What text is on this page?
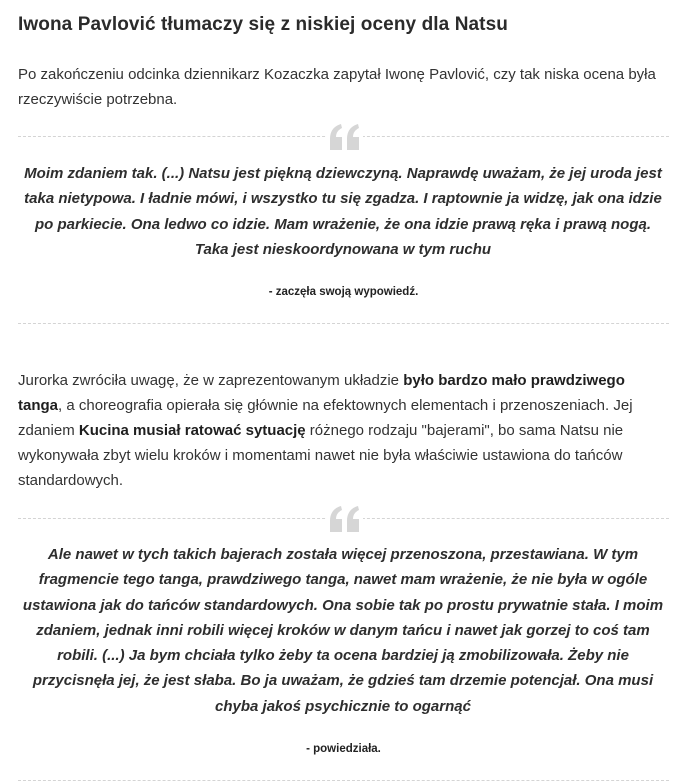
Iwona Pavlović tłumaczy się z niskiej oceny dla Natsu

Po zakończeniu odcinka dziennikarz Kozaczka zapytał Iwonę Pavlović, czy tak niska ocena była rzeczywiście potrzebna.

Moim zdaniem tak. (...) Natsu jest piękną dziewczyną. Naprawdę uważam, że jej uroda jest taka nietypowa. I ładnie mówi, i wszystko tu się zgadza. I raptownie ja widzę, jak ona idzie po parkiecie. Ona ledwo co idzie. Mam wrażenie, że ona idzie prawą ręka i prawą nogą. Taka jest nieskoordynowana w tym ruchu

- zaczęła swoją wypowiedź.

Jurorka zwróciła uwagę, że w zaprezentowanym układzie było bardzo mało prawdziwego tanga, a choreografia opierała się głównie na efektownych elementach i przenoszeniach. Jej zdaniem Kucina musiał ratować sytuację różnego rodzaju "bajerami", bo sama Natsu nie wykonywała zbyt wielu kroków i momentami nawet nie była właściwie ustawiona do tańców standardowych.

Ale nawet w tych takich bajerach została więcej przenoszona, przestawiana. W tym fragmencie tego tanga, prawdziwego tanga, nawet mam wrażenie, że nie była w ogóle ustawiona jak do tańców standardowych. Ona sobie tak po prostu prywatnie stała. I moim zdaniem, jednak inni robili więcej kroków w danym tańcu i nawet jak gorzej to coś tam robili. (...) Ja bym chciała tylko żeby ta ocena bardziej ją zmobilizowała. Żeby nie przycisnęła jej, że jest słaba. Bo ja uważam, że gdzieś tam drzemie potencjał. Ona musi chyba jakoś psychicznie to ogarnąć

- powiedziała.
